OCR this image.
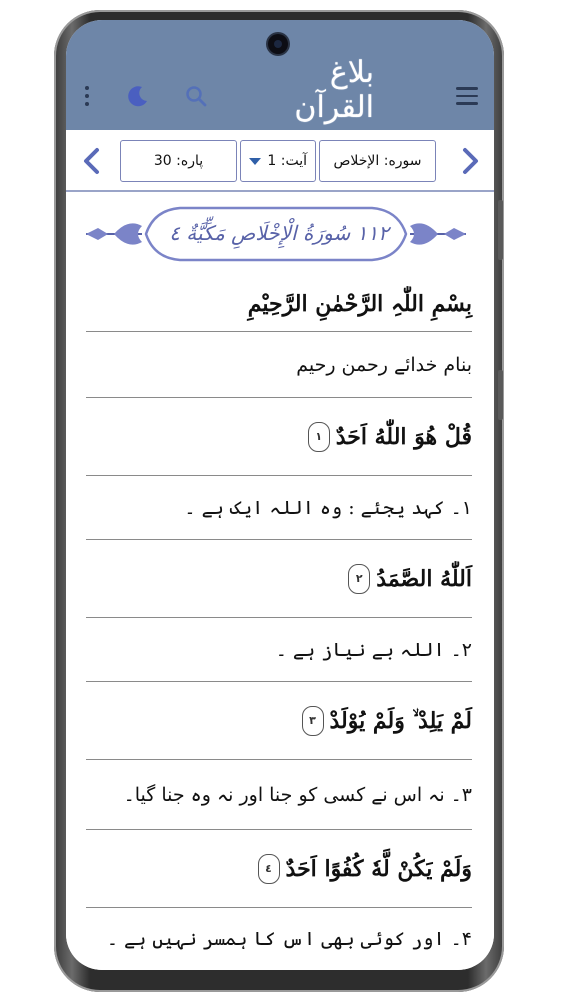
بلاغ القرآن
پاره: 30	آیت: 1 سوره: الإخلاص
١١٢ سُورَةُ الْإِخْلَاصِ مَكِّيَّةٌ ٤
بِسْمِ اللّٰہِ الرَّحْمٰنِ الرَّحِیْمِ
بنام خدائے رحمن رحیم
قُلْ هُوَ اللّٰهُ اَحَدٌ
١
۱۔ کہد یجئے : وہ اللہ ایک ہے ۔
اَللّٰهُ الصَّمَدُ
٢
۲۔ اللہ بے نیاز ہے ۔
لَمْ يَلِدْ ۙ وَلَمْ يُوْلَدْ
٣
۳۔ نہ اس نے کسی کو جنا اور نہ وہ جنا گیا۔
وَلَمْ يَكُنْ لَّهٗ كُفُوًا اَحَدٌ
٤
۴۔ اور کوئی بھی اس کا ہمسر نہیں ہے ۔
